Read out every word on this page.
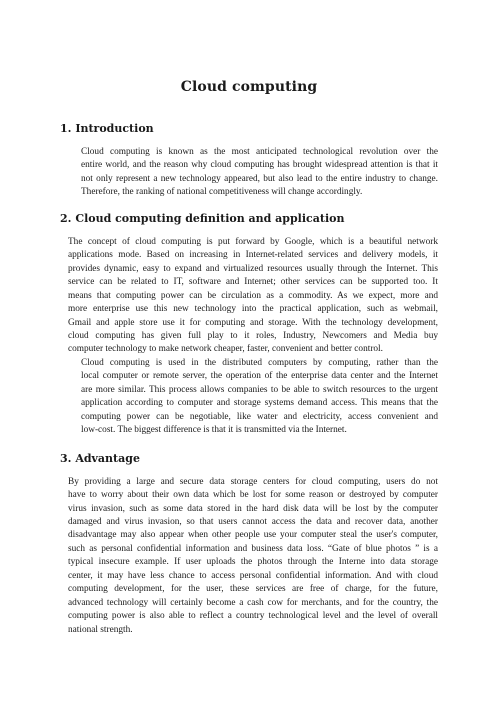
Cloud computing
1. Introduction

Cloud computing is known as the most anticipated technological revolution over the
entire world, and the reason why cloud computing has brought widespread attention is that it
not only represent a new technology appeared, but also lead to the entire industry to change.
Therefore, the ranking of national competitiveness will change accordingly.

2. Cloud computing definition and application

The concept of cloud computing is put forward by Google, which is a beautiful network
applications mode. Based on increasing in Internet-related services and delivery models, it
provides dynamic, easy to expand and virtualized resources usually through the Internet. This
service can be related to IT, software and Internet; other services can be supported too. It
means that computing power can be circulation as a commodity. As we expect, more and
more enterprise use this new technology into the practical application, such as webmail,
Gmail and apple store use it for computing and storage. With the technology development,
cloud computing has given full play to it roles, Industry, Newcomers and Media buy
computer technology to make network cheaper, faster, convenient and better control.

Cloud computing is used in the distributed computers by computing, rather than the
local computer or remote server, the operation of the enterprise data center and the Internet
are more similar. This process allows companies to be able to switch resources to the urgent
application according to computer and storage systems demand access. This means that the
computing power can be negotiable, like water and electricity, access convenient and
low-cost. The biggest difference is that it is transmitted via the Internet.

3. Advantage

By providing a large and secure data storage centers for cloud computing, users do not
have to worry about their own data which be lost for some reason or destroyed by computer
virus invasion, such as some data stored in the hard disk data will be lost by the computer
damaged and virus invasion, so that users cannot access the data and recover data, another
disadvantage may also appear when other people use your computer steal the user's computer,
such as personal confidential information and business data loss. “Gate of blue photos ” is a
typical insecure example. If user uploads the photos through the Interne into data storage
center, it may have less chance to access personal confidential information. And with cloud
computing development, for the user, these services are free of charge, for the future,
advanced technology will certainly become a cash cow for merchants, and for the country, the
computing power is also able to reflect a country technological level and the level of overall
national strength.
